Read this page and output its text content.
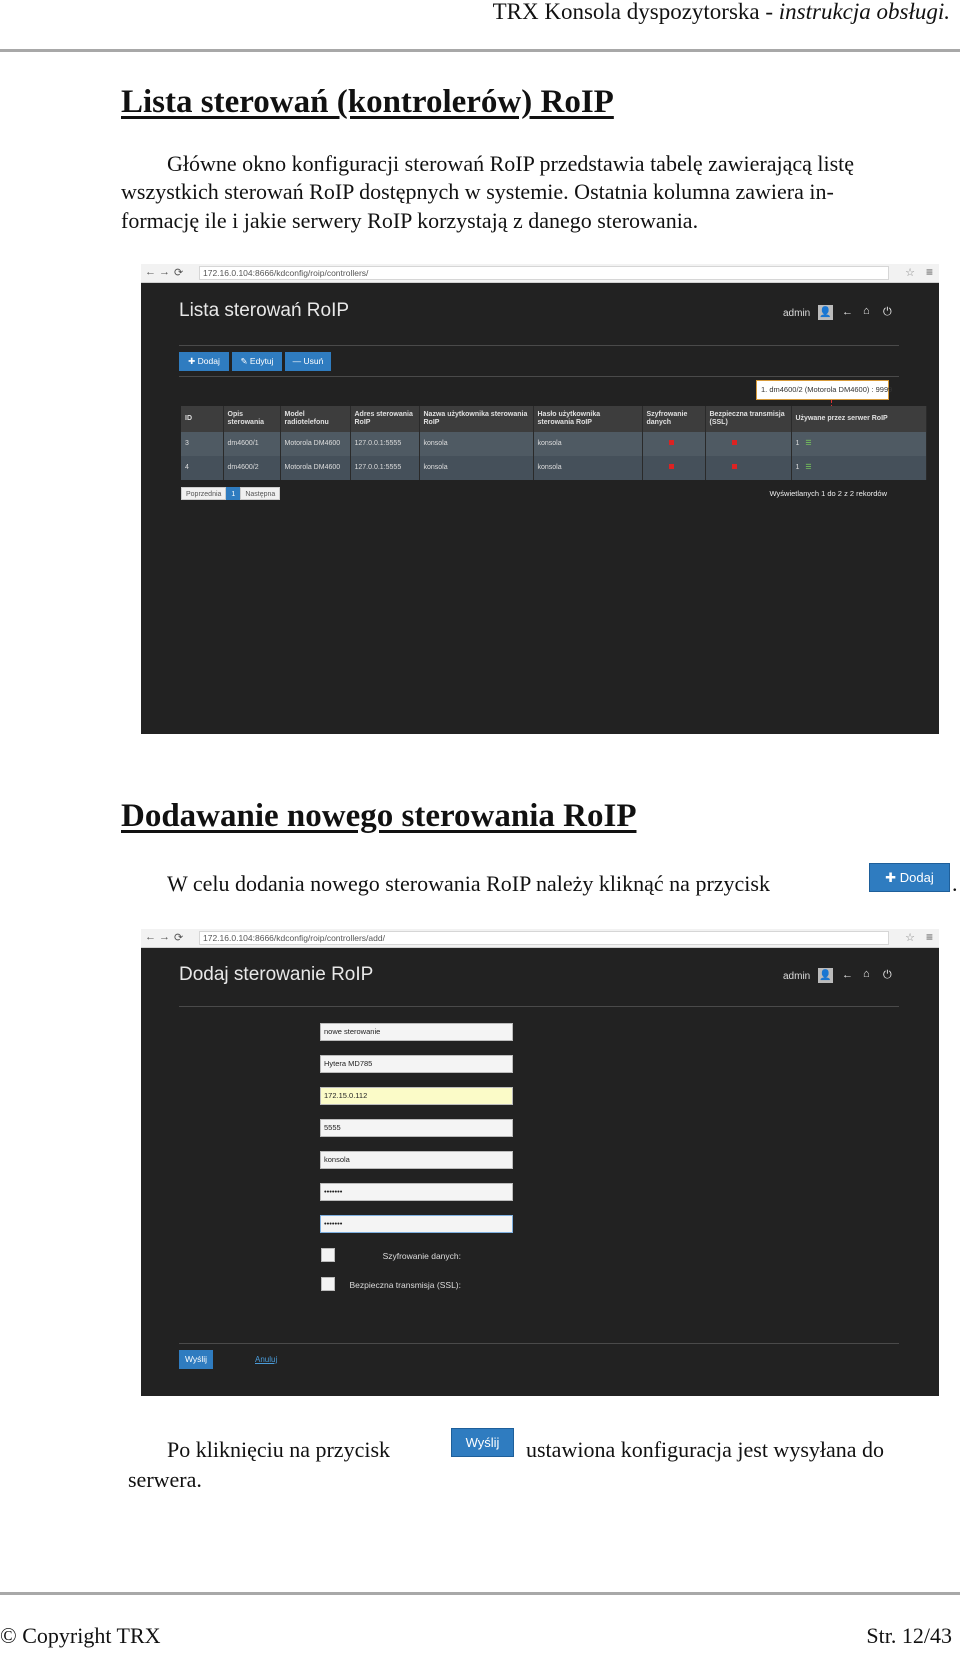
TRX Konsola dyspozytorska - instrukcja obsługi.
Lista sterowań (kontrolerów) RoIP
Główne okno konfiguracji sterowań RoIP przedstawia tabelę zawierającą listę
wszystkich sterowań RoIP dostępnych w systemie. Ostatnia kolumna zawiera in-
formację ile i jakie serwery RoIP korzystają z danego sterowania.
← → ⟳	172.16.0.104:8666/kdconfig/roip/controllers/	☆ ≡
Lista sterowań RoIP	admin 👤 ← ⌂ ⏻
✚ Dodaj	✎ Edytuj	— Usuń
1. dm4600/2 (Motorola DM4600) : 9999
ID	Opis sterowania	Model radiotelefonu	Adres sterowania RoIP	Nazwa użytkownika sterowania RoIP	Hasło użytkownika sterowania RoIP	Szyfrowanie danych	Bezpieczna transmisja (SSL)	Używane przez serwer RoIP
3	dm4600/1	Motorola DM4600	127.0.0.1:5555	konsola	konsola			1 ☰
4	dm4600/2	Motorola DM4600	127.0.0.1:5555	konsola	konsola			1 ☰
Poprzednia 1 Następna	Wyświetlanych 1 do 2 z 2 rekordów
Dodawanie nowego sterowania RoIP
W celu dodania nowego sterowania RoIP należy kliknąć na przycisk	✚ Dodaj .
← → ⟳	172.16.0.104:8666/kdconfig/roip/controllers/add/	☆ ≡
Dodaj sterowanie RoIP	admin 👤 ← ⌂ ⏻
nowe sterowanie
Hytera MD785
172.15.0.112
5555
konsola
•••••••
•••••••
Szyfrowanie danych:
Bezpieczna transmisja (SSL):
Wyślij	Anuluj
Po kliknięciu na przycisk	Wyślij	ustawiona konfiguracja jest wysyłana do
serwera.
© Copyright TRX	Str. 12/43
